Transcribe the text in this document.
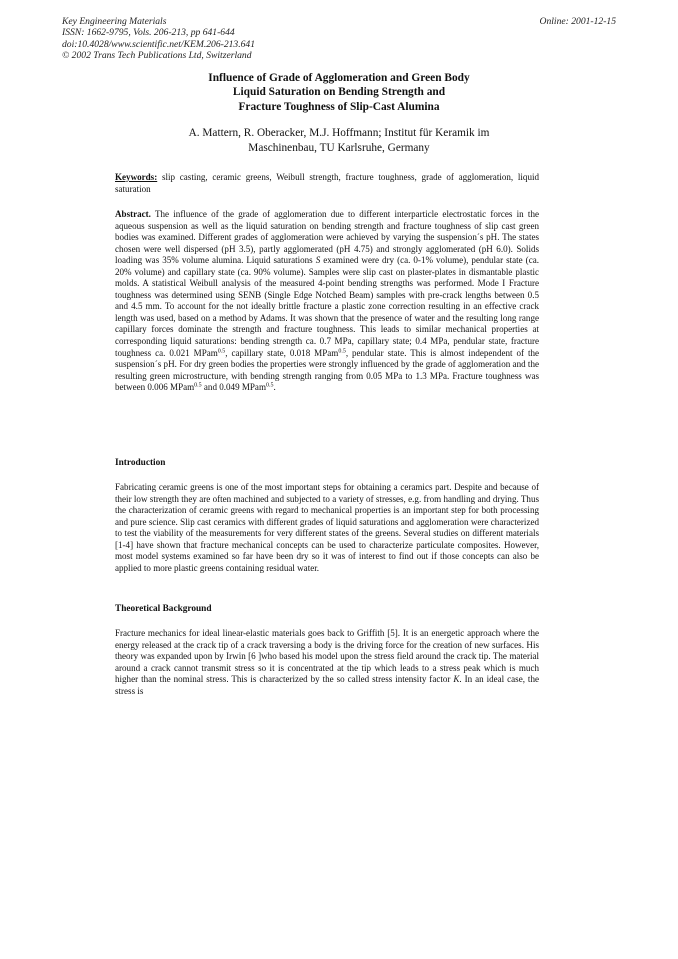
Key Engineering Materials
ISSN: 1662-9795, Vols. 206-213, pp 641-644
doi:10.4028/www.scientific.net/KEM.206-213.641
© 2002 Trans Tech Publications Ltd, Switzerland
Online: 2001-12-15
Influence of Grade of Agglomeration and Green Body
Liquid Saturation on Bending Strength and
Fracture Toughness of Slip-Cast Alumina
A. Mattern, R. Oberacker, M.J. Hoffmann; Institut für Keramik im
Maschinenbau, TU Karlsruhe, Germany

Keywords: slip casting, ceramic greens, Weibull strength, fracture toughness, grade of agglomeration, liquid saturation

Abstract. The influence of the grade of agglomeration due to different interparticle electrostatic forces in the aqueous suspension as well as the liquid saturation on bending strength and fracture toughness of slip cast green bodies was examined. Different grades of agglomeration were achieved by varying the suspension´s pH. The states chosen were well dispersed (pH 3.5), partly agglomerated (pH 4.75) and strongly agglomerated (pH 6.0). Solids loading was 35% volume alumina. Liquid saturations S examined were dry (ca. 0-1% volume), pendular state (ca. 20% volume) and capillary state (ca. 90% volume). Samples were slip cast on plaster-plates in dismantable plastic molds. A statistical Weibull analysis of the measured 4-point bending strengths was performed. Mode I Fracture toughness was determined using SENB (Single Edge Notched Beam) samples with pre-crack lengths between 0.5 and 4.5 mm. To account for the not ideally brittle fracture a plastic zone correction resulting in an effective crack length was used, based on a method by Adams. It was shown that the presence of water and the resulting long range capillary forces dominate the strength and fracture toughness. This leads to similar mechanical properties at corresponding liquid saturations: bending strength ca. 0.7 MPa, capillary state; 0.4 MPa, pendular state, fracture toughness ca. 0.021 MPam$^{0.5}$, capillary state, 0.018 MPam$^{0.5}$, pendular state. This is almost independent of the suspension´s pH. For dry green bodies the properties were strongly influenced by the grade of agglomeration and the resulting green microstructure, with bending strength ranging from 0.05 MPa to 1.3 MPa. Fracture toughness was between 0.006 MPam$^{0.5}$ and 0.049 MPam$^{0.5}$.

Introduction

Fabricating ceramic greens is one of the most important steps for obtaining a ceramics part. Despite and because of their low strength they are often machined and subjected to a variety of stresses, e.g. from handling and drying. Thus the characterization of ceramic greens with regard to mechanical properties is an important step for both processing and pure science. Slip cast ceramics with different grades of liquid saturations and agglomeration were characterized to test the viability of the measurements for very different states of the greens. Several studies on different materials [1-4] have shown that fracture mechanical concepts can be used to characterize particulate composites. However, most model systems examined so far have been dry so it was of interest to find out if those concepts can also be applied to more plastic greens containing residual water.

Theoretical Background

Fracture mechanics for ideal linear-elastic materials goes back to Griffith [5]. It is an energetic approach where the energy released at the crack tip of a crack traversing a body is the driving force for the creation of new surfaces. His theory was expanded upon by Irwin [6 ]who based his model upon the stress field around the crack tip. The material around a crack cannot transmit stress so it is concentrated at the tip which leads to a stress peak which is much higher than the nominal stress. This is characterized by the so called stress intensity factor K. In an ideal case, the stress is
